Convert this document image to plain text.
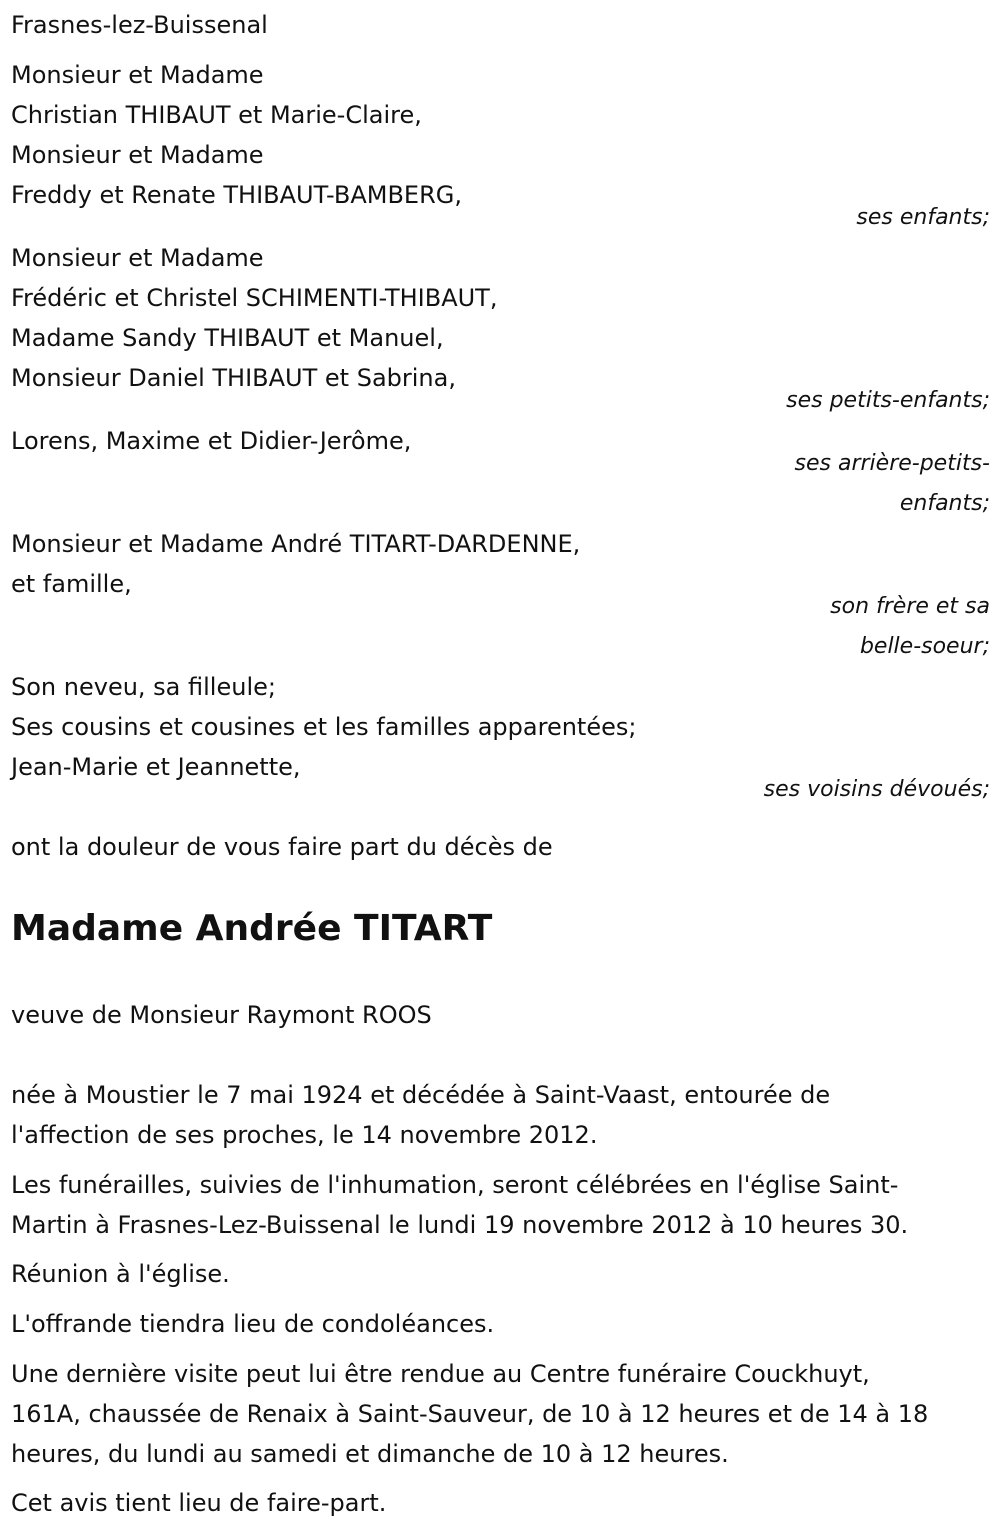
Frasnes-lez-Buissenal
Monsieur et Madame
Christian THIBAUT et Marie-Claire,
Monsieur et Madame
Freddy et Renate THIBAUT-BAMBERG,
ses enfants;
Monsieur et Madame
Frédéric et Christel SCHIMENTI-THIBAUT,
Madame Sandy THIBAUT et Manuel,
Monsieur Daniel THIBAUT et Sabrina,
ses petits-enfants;
Lorens, Maxime et Didier-Jerôme,
ses arrière-petits-
enfants;
Monsieur et Madame André TITART-DARDENNE,
et famille,
son frère et sa
belle-soeur;
Son neveu, sa filleule;
Ses cousins et cousines et les familles apparentées;
Jean-Marie et Jeannette,
ses voisins dévoués;
ont la douleur de vous faire part du décès de
Madame Andrée TITART
veuve de Monsieur Raymont ROOS
née à Moustier le 7 mai 1924 et décédée à Saint-Vaast, entourée de
l'affection de ses proches, le 14 novembre 2012.
Les funérailles, suivies de l'inhumation, seront célébrées en l'église Saint-
Martin à Frasnes-Lez-Buissenal le lundi 19 novembre 2012 à 10 heures 30.
Réunion à l'église.
L'offrande tiendra lieu de condoléances.
Une dernière visite peut lui être rendue au Centre funéraire Couckhuyt,
161A, chaussée de Renaix à Saint-Sauveur, de 10 à 12 heures et de 14 à 18
heures, du lundi au samedi et dimanche de 10 à 12 heures.
Cet avis tient lieu de faire-part.
